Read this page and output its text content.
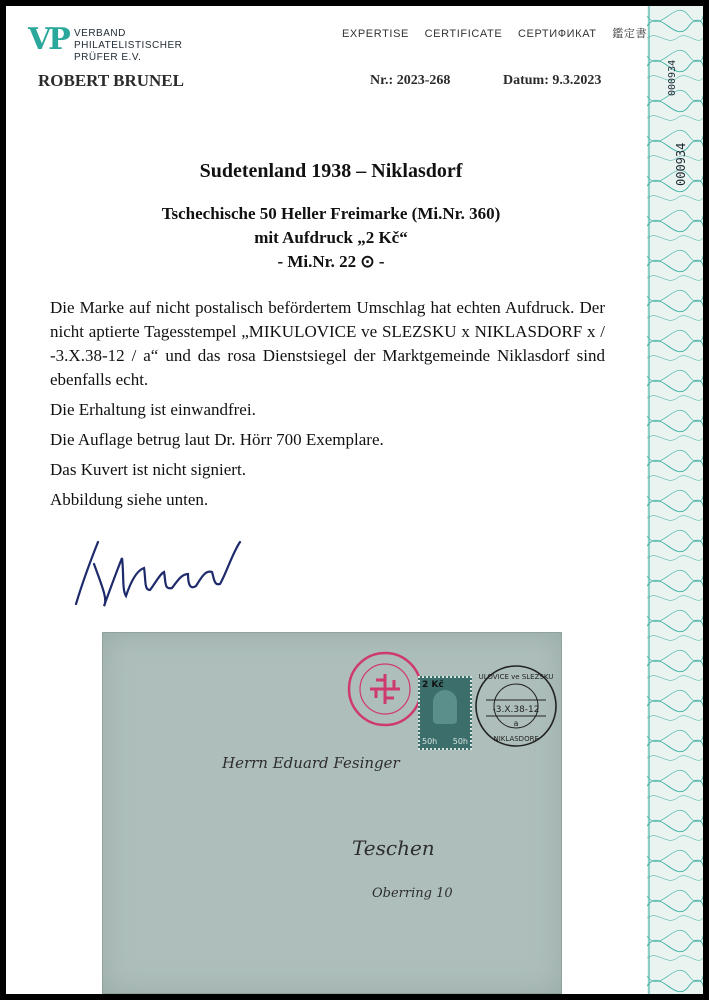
VP VERBAND
PHILATELISTISCHER
PRÜFER E.V.
EXPERTISE CERTIFICATE СЕРТИФИКАТ 鑑定書
ROBERT BRUNEL	Nr.: 2023-268	Datum: 9.3.2023
Sudetenland 1938 – Niklasdorf
Tschechische 50 Heller Freimarke (Mi.Nr. 360)
mit Aufdruck „2 Kč“
- Mi.Nr. 22 ⊙ -

Die Marke auf nicht postalisch befördertem Umschlag hat echten Aufdruck. Der nicht aptierte Tagesstempel „MIKULOVICE ve SLEZSKU x NIKLASDORF x / -3.X.38-12 / a“ und das rosa Dienstsiegel der Marktgemeinde Niklasdorf sind ebenfalls echt.

Die Erhaltung ist einwandfrei.

Die Auflage betrug laut Dr. Hörr 700 Exemplare.

Das Kuvert ist nicht signiert.

Abbildung siehe unten.

2 Kč
50h 50h
ULOVICE ve SLEZSKU
-3.X.38-12
a
NIKLASDORF
Herrn Eduard Fesinger
Teschen
Oberring 10
000934
000934
